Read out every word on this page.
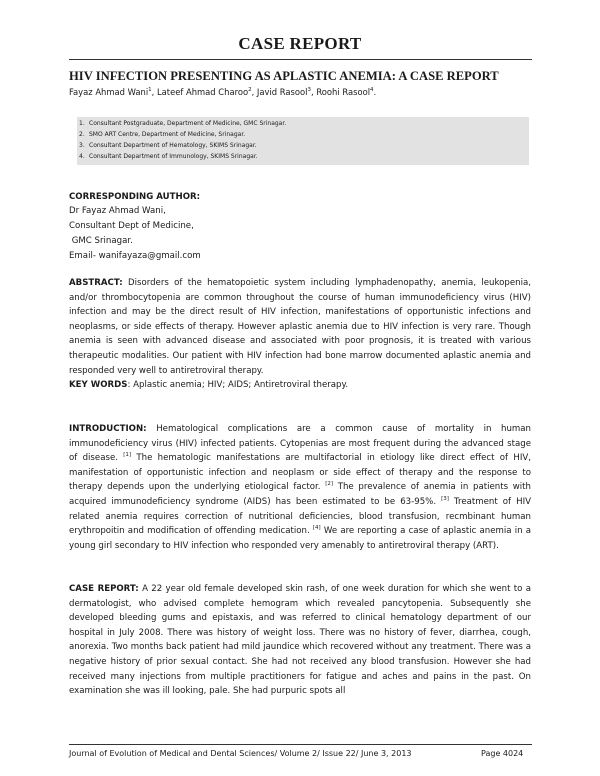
CASE REPORT
HIV INFECTION PRESENTING AS APLASTIC ANEMIA: A CASE REPORT
Fayaz Ahmad Wani$^1$, Lateef Ahmad Charoo$^2$, Javid Rasool$^3$, Roohi Rasool$^4$.
1. Consultant Postgraduate, Department of Medicine, GMC Srinagar.
2. SMO ART Centre, Department of Medicine, Srinagar.
3. Consultant Department of Hematology, SKIMS Srinagar.
4. Consultant Department of Immunology, SKIMS Srinagar.
CORRESPONDING AUTHOR:
Dr Fayaz Ahmad Wani,
Consultant Dept of Medicine,
GMC Srinagar.
Email- wanifayaza@gmail.com
ABSTRACT: Disorders of the hematopoietic system including lymphadenopathy, anemia, leukopenia, and/or thrombocytopenia are common throughout the course of human immunodeficiency virus (HIV) infection and may be the direct result of HIV infection, manifestations of opportunistic infections and neoplasms, or side effects of therapy. However aplastic anemia due to HIV infection is very rare. Though anemia is seen with advanced disease and associated with poor prognosis, it is treated with various therapeutic modalities. Our patient with HIV infection had bone marrow documented aplastic anemia and responded very well to antiretroviral therapy.
KEY WORDS: Aplastic anemia; HIV; AIDS; Antiretroviral therapy.
INTRODUCTION: Hematological complications are a common cause of mortality in human immunodeficiency virus (HIV) infected patients. Cytopenias are most frequent during the advanced stage of disease. [1] The hematologic manifestations are multifactorial in etiology like direct effect of HIV, manifestation of opportunistic infection and neoplasm or side effect of therapy and the response to therapy depends upon the underlying etiological factor. [2] The prevalence of anemia in patients with acquired immunodeficiency syndrome (AIDS) has been estimated to be 63-95%. [3] Treatment of HIV related anemia requires correction of nutritional deficiencies, blood transfusion, recmbinant human erythropoitin and modification of offending medication. [4] We are reporting a case of aplastic anemia in a young girl secondary to HIV infection who responded very amenably to antiretroviral therapy (ART).
CASE REPORT: A 22 year old female developed skin rash, of one week duration for which she went to a dermatologist, who advised complete hemogram which revealed pancytopenia. Subsequently she developed bleeding gums and epistaxis, and was referred to clinical hematology department of our hospital in July 2008. There was history of weight loss. There was no history of fever, diarrhea, cough, anorexia. Two months back patient had mild jaundice which recovered without any treatment. There was a negative history of prior sexual contact. She had not received any blood transfusion. However she had received many injections from multiple practitioners for fatigue and aches and pains in the past. On examination she was ill looking, pale. She had purpuric spots all
Journal of Evolution of Medical and Dental Sciences/ Volume 2/ Issue 22/ June 3, 2013	Page 4024
